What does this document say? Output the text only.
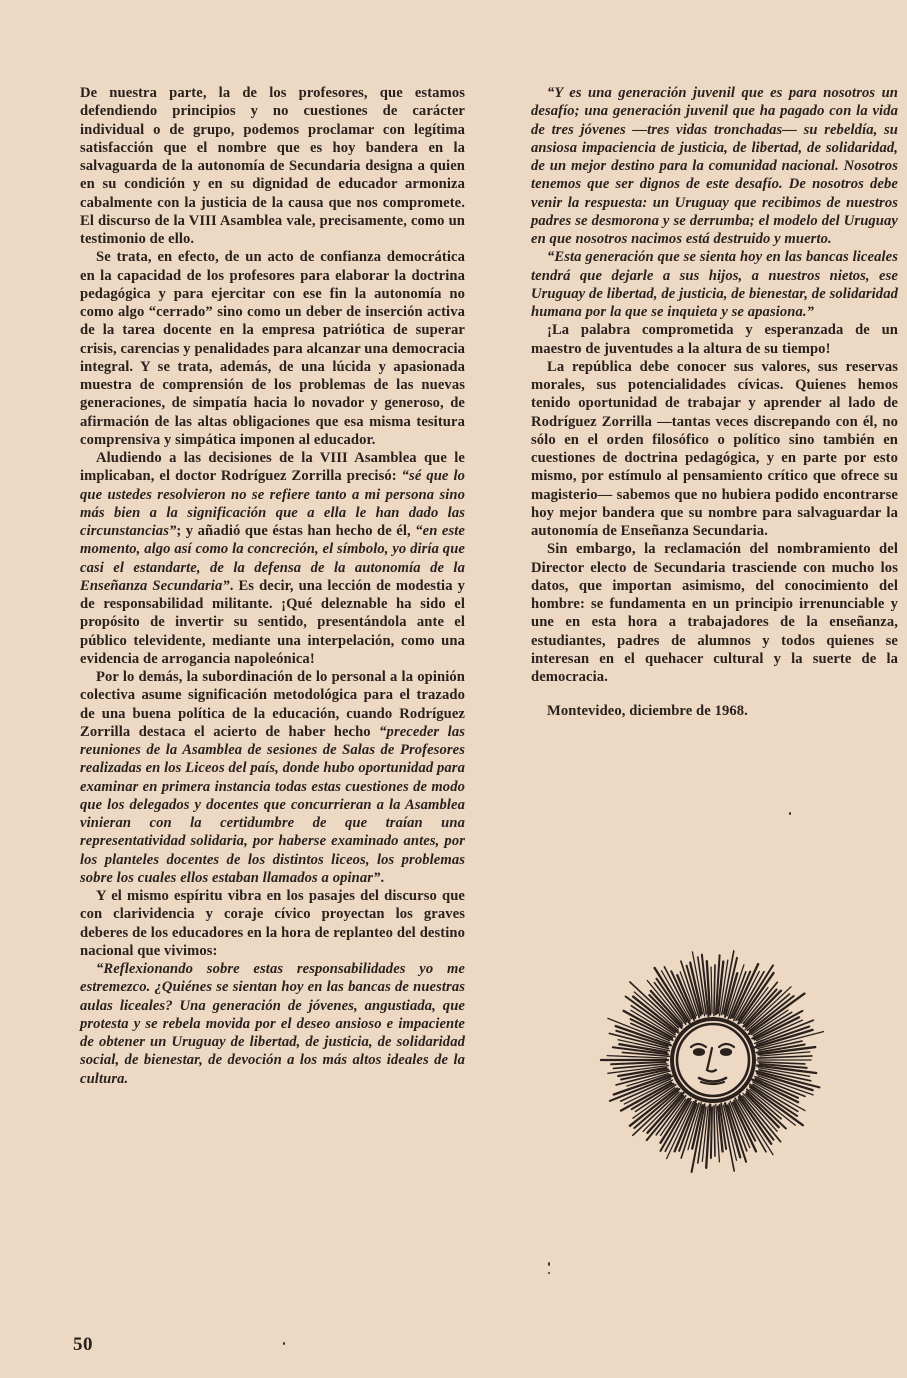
De nuestra parte, la de los profesores, que estamos defendiendo principios y no cuestiones de carácter individual o de grupo, podemos proclamar con legítima satisfacción que el nombre que es hoy bandera en la salvaguarda de la autonomía de Secundaria designa a quien en su condición y en su dignidad de educador armoniza cabalmente con la justicia de la causa que nos compromete. El discurso de la VIII Asamblea vale, precisamente, como un testimonio de ello.

Se trata, en efecto, de un acto de confianza democrática en la capacidad de los profesores para elaborar la doctrina pedagógica y para ejercitar con ese fin la autonomía no como algo “cerrado” sino como un deber de inserción activa de la tarea docente en la empresa patriótica de superar crisis, carencias y penalidades para alcanzar una democracia integral. Y se trata, además, de una lúcida y apasionada muestra de comprensión de los problemas de las nuevas generaciones, de simpatía hacia lo novador y generoso, de afirmación de las altas obligaciones que esa misma tesitura comprensiva y simpática imponen al educador.

Aludiendo a las decisiones de la VIII Asamblea que le implicaban, el doctor Rodríguez Zorrilla precisó: “sé que lo que ustedes resolvieron no se refiere tanto a mi persona sino más bien a la significación que a ella le han dado las circunstancias”; y añadió que éstas han hecho de él, “en este momento, algo así como la concreción, el símbolo, yo diría que casi el estandarte, de la defensa de la autonomía de la Enseñanza Secundaria”. Es decir, una lección de modestia y de responsabilidad militante. ¡Qué deleznable ha sido el propósito de invertir su sentido, presentándola ante el público televidente, mediante una interpelación, como una evidencia de arrogancia napoleónica!

Por lo demás, la subordinación de lo personal a la opinión colectiva asume significación metodológica para el trazado de una buena política de la educación, cuando Rodríguez Zorrilla destaca el acierto de haber hecho “preceder las reuniones de la Asamblea de sesiones de Salas de Profesores realizadas en los Liceos del país, donde hubo oportunidad para examinar en primera instancia todas estas cuestiones de modo que los delegados y docentes que concurrieran a la Asamblea vinieran con la certidumbre de que traían una representatividad solidaria, por haberse examinado antes, por los planteles docentes de los distintos liceos, los problemas sobre los cuales ellos estaban llamados a opinar”.

Y el mismo espíritu vibra en los pasajes del discurso que con clarividencia y coraje cívico proyectan los graves deberes de los educadores en la hora de replanteo del destino nacional que vivimos:

“Reflexionando sobre estas responsabilidades yo me estremezco. ¿Quiénes se sientan hoy en las bancas de nuestras aulas liceales? Una generación de jóvenes, angustiada, que protesta y se rebela movida por el deseo ansioso e impaciente de obtener un Uruguay de libertad, de justicia, de solidaridad social, de bienestar, de devoción a los más altos ideales de la cultura.

“Y es una generación juvenil que es para nosotros un desafío; una generación juvenil que ha pagado con la vida de tres jóvenes —tres vidas tronchadas— su rebeldía, su ansiosa impaciencia de justicia, de libertad, de solidaridad, de un mejor destino para la comunidad nacional. Nosotros tenemos que ser dignos de este desafío. De nosotros debe venir la respuesta: un Uruguay que recibimos de nuestros padres se desmorona y se derrumba; el modelo del Uruguay en que nosotros nacimos está destruido y muerto.

“Esta generación que se sienta hoy en las bancas liceales tendrá que dejarle a sus hijos, a nuestros nietos, ese Uruguay de libertad, de justicia, de bienestar, de solidaridad humana por la que se inquieta y se apasiona.”

¡La palabra comprometida y esperanzada de un maestro de juventudes a la altura de su tiempo!

La república debe conocer sus valores, sus reservas morales, sus potencialidades cívicas. Quienes hemos tenido oportunidad de trabajar y aprender al lado de Rodríguez Zorrilla —tantas veces discrepando con él, no sólo en el orden filosófico o político sino también en cuestiones de doctrina pedagógica, y en parte por esto mismo, por estímulo al pensamiento crítico que ofrece su magisterio— sabemos que no hubiera podido encontrarse hoy mejor bandera que su nombre para salvaguardar la autonomía de Enseñanza Secundaria.

Sin embargo, la reclamación del nombramiento del Director electo de Secundaria trasciende con mucho los datos, que importan asimismo, del conocimiento del hombre: se fundamenta en un principio irrenunciable y une en esta hora a trabajadores de la enseñanza, estudiantes, padres de alumnos y todos quienes se interesan en el quehacer cultural y la suerte de la democracia.

Montevideo, diciembre de 1968.

50
